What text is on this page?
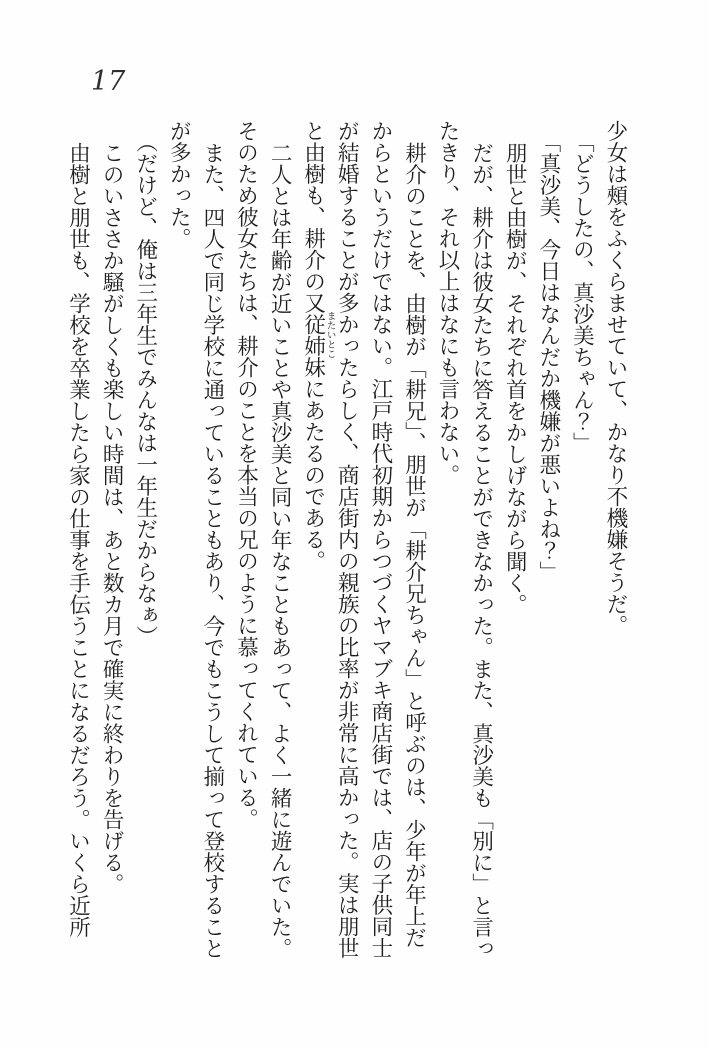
17

少女は頰をふくらませていて、かなり不機嫌そうだ。

「どうしたの、真沙美ちゃん？」

「真沙美、今日はなんだか機嫌が悪いよね？」

朋世と由樹が、それぞれ首をかしげながら聞く。

だが、耕介は彼女たちに答えることができなかった。また、真沙美も「別に」と言ったきり、それ以上はなにも言わない。

耕介のことを、由樹が「耕兄」、朋世が「耕介兄ちゃん」と呼ぶのは、少年が年上だからというだけではない。江戸時代初期からつづくヤマブキ商店街では、店の子供同士が結婚することが多かったらしく、商店街内の親族の比率が非常に高かった。実は朋世と由樹も、耕介の又従姉妹 またいとこにあたるのである。

二人とは年齢が近いことや真沙美と同い年なこともあって、よく一緒に遊んでいた。そのため彼女たちは、耕介のことを本当の兄のように慕ってくれている。

また、四人で同じ学校に通っていることもあり、今でもこうして揃って登校することが多かった。

（だけど、俺は三年生でみんなは一年生だからなぁ）

このいささか騒がしくも楽しい時間は、あと数カ月で確実に終わりを告げる。

由樹と朋世も、学校を卒業したら家の仕事を手伝うことになるだろう。いくら近所
